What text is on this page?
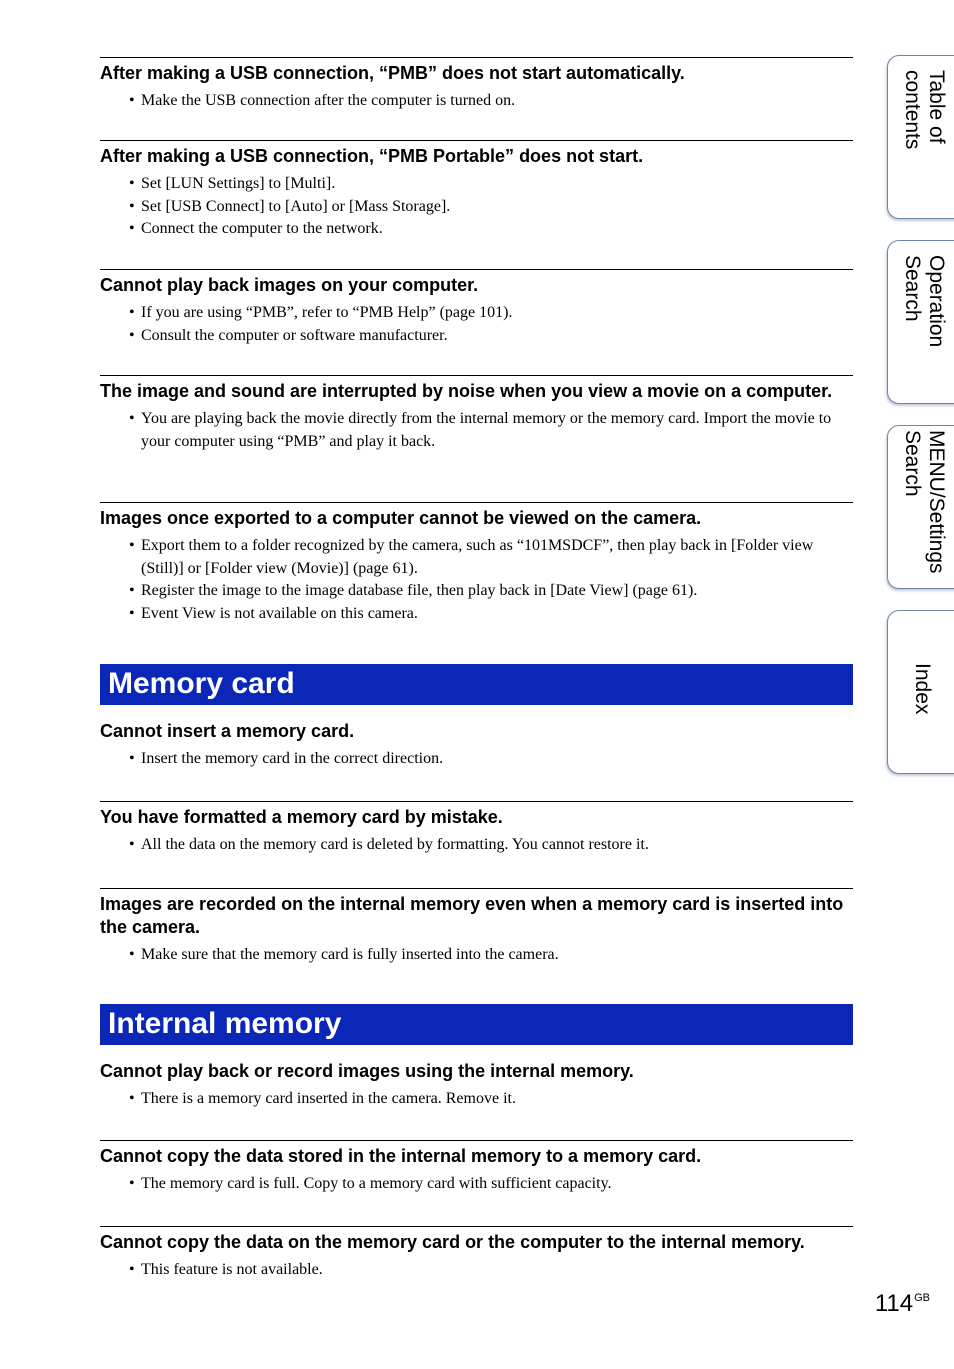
After making a USB connection, “PMB” does not start automatically.
• Make the USB connection after the computer is turned on.
After making a USB connection, “PMB Portable” does not start.
• Set [LUN Settings] to [Multi].
• Set [USB Connect] to [Auto] or [Mass Storage].
• Connect the computer to the network.
Cannot play back images on your computer.
• If you are using “PMB”, refer to “PMB Help” (page 101).
• Consult the computer or software manufacturer.
The image and sound are interrupted by noise when you view a movie on a computer.
• You are playing back the movie directly from the internal memory or the memory card. Import the movie to your computer using “PMB” and play it back.
Images once exported to a computer cannot be viewed on the camera.
• Export them to a folder recognized by the camera, such as “101MSDCF”, then play back in [Folder view (Still)] or [Folder view (Movie)] (page 61).
• Register the image to the image database file, then play back in [Date View] (page 61).
• Event View is not available on this camera.
Memory card
Cannot insert a memory card.
• Insert the memory card in the correct direction.
You have formatted a memory card by mistake.
• All the data on the memory card is deleted by formatting. You cannot restore it.
Images are recorded on the internal memory even when a memory card is inserted into the camera.
• Make sure that the memory card is fully inserted into the camera.
Internal memory
Cannot play back or record images using the internal memory.
• There is a memory card inserted in the camera. Remove it.
Cannot copy the data stored in the internal memory to a memory card.
• The memory card is full. Copy to a memory card with sufficient capacity.
Cannot copy the data on the memory card or the computer to the internal memory.
• This feature is not available.
Table of
contents
Operation
Search
MENU/Settings
Search
Index
$114^{GB}$
